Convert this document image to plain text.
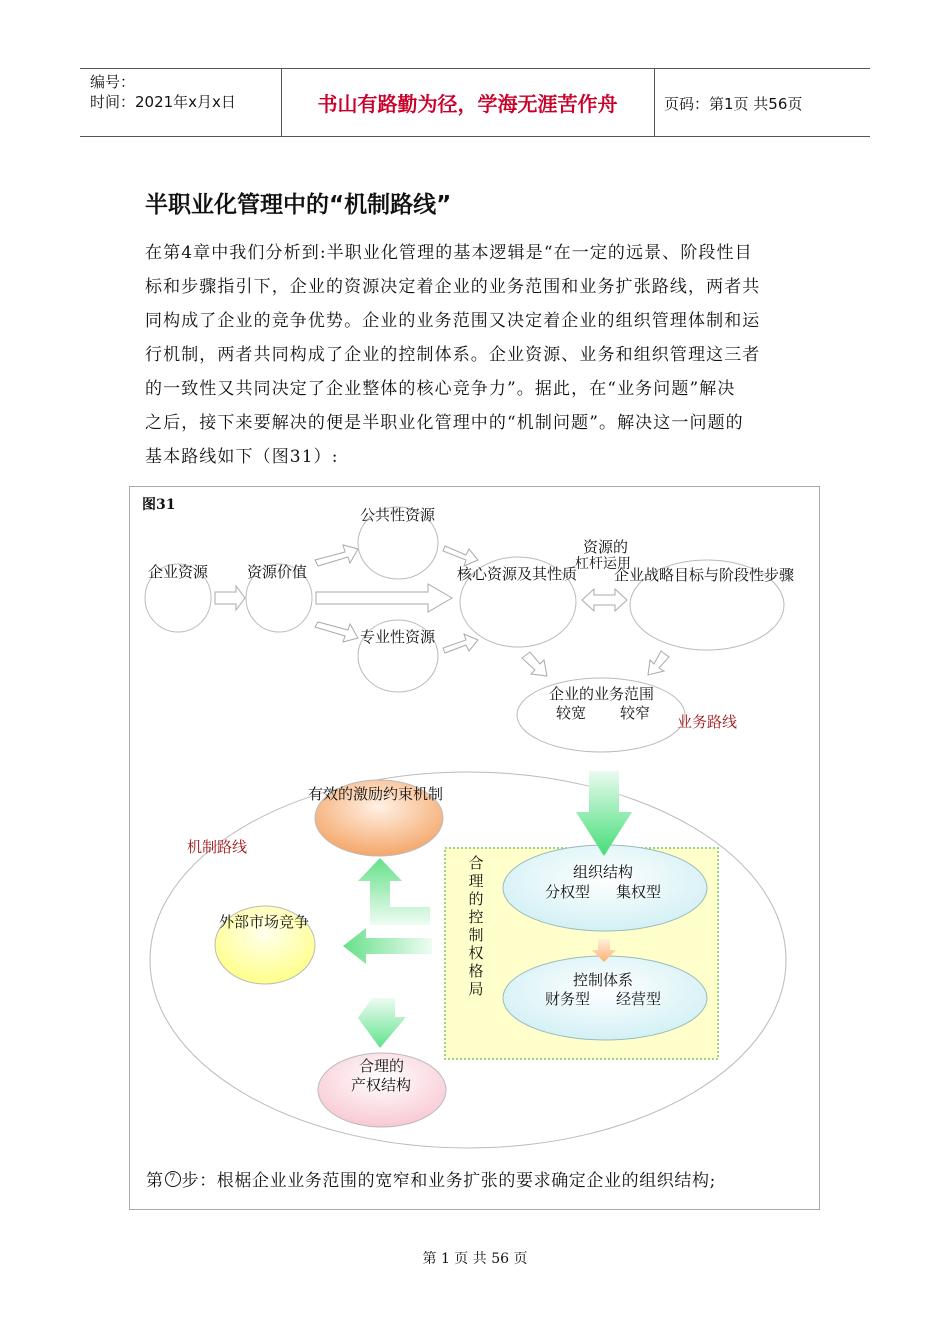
编号：
时间：2021年x月x日	书山有路勤为径，学海无涯苦作舟	页码：第1页 共56页
半职业化管理中的“机制路线”
在第4章中我们分析到:半职业化管理的基本逻辑是“在一定的远景、阶段性目
标和步骤指引下，企业的资源决定着企业的业务范围和业务扩张路线，两者共
同构成了企业的竞争优势。企业的业务范围又决定着企业的组织管理体制和运
行机制，两者共同构成了企业的控制体系。企业资源、业务和组织管理这三者
的一致性又共同决定了企业整体的核心竞争力”。据此，在“业务问题”解决
之后，接下来要解决的便是半职业化管理中的“机制问题”。解决这一问题的
基本路线如下（图31）:
图31
公共性资源
企业资源	资源价值	核心资源及其性质
资源的
杠杆运用
企业战略目标与阶段性步骤
专业性资源
企业的业务范围
较宽 较窄 业务路线
有效的激励约束机制
机制路线
外部市场竞争
合
理
的
控
制
权
格
局
组织结构
分权型 集权型
控制体系
财务型 经营型
合理的
产权结构
第 7 步：根椐企业业务范围的宽窄和业务扩张的要求确定企业的组织结构;
第 1 页 共 56 页
